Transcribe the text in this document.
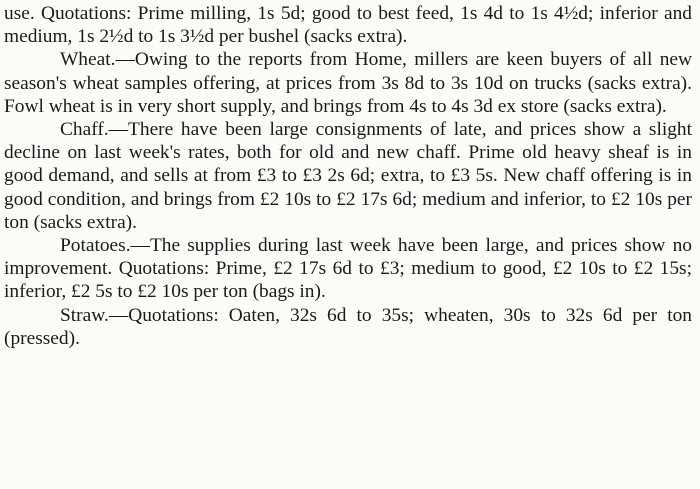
use. Quotations: Prime milling, 1s 5d; good to best feed, 1s 4d to 1s 4½d; inferior and medium, 1s 2½d to 1s 3½d per bushel (sacks extra).

Wheat.—Owing to the reports from Home, millers are keen buyers of all new season's wheat samples offering, at prices from 3s 8d to 3s 10d on trucks (sacks extra). Fowl wheat is in very short supply, and brings from 4s to 4s 3d ex store (sacks extra).

Chaff.—There have been large consignments of late, and prices show a slight decline on last week's rates, both for old and new chaff. Prime old heavy sheaf is in good demand, and sells at from £3 to £3 2s 6d; extra, to £3 5s. New chaff offering is in good condition, and brings from £2 10s to £2 17s 6d; medium and inferior, to £2 10s per ton (sacks extra).

Potatoes.—The supplies during last week have been large, and prices show no improvement. Quotations: Prime, £2 17s 6d to £3; medium to good, £2 10s to £2 15s; inferior, £2 5s to £2 10s per ton (bags in).

Straw.—Quotations: Oaten, 32s 6d to 35s; wheaten, 30s to 32s 6d per ton (pressed).
